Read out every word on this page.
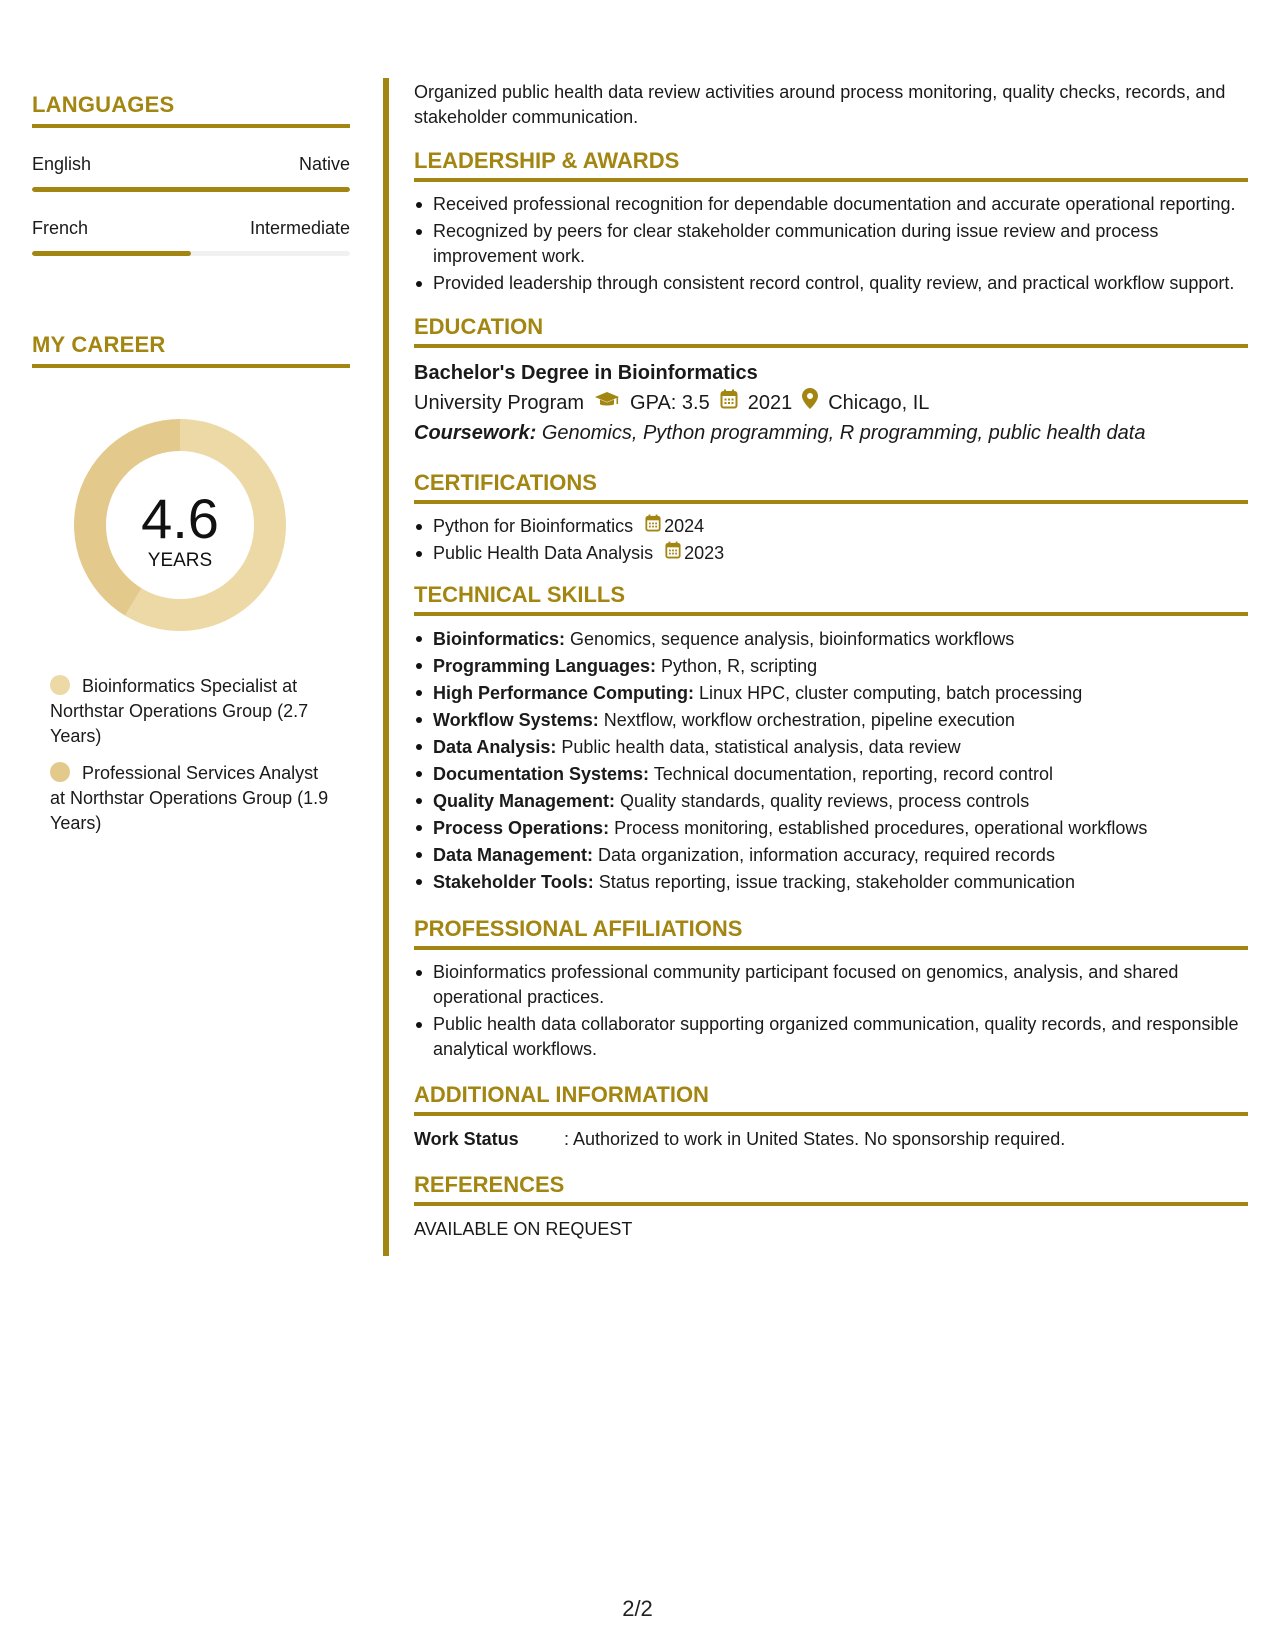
LANGUAGES
English	Native
French	Intermediate
MY CAREER
4.6
YEARS
Bioinformatics Specialist at Northstar Operations Group (2.7 Years)
Professional Services Analyst at Northstar Operations Group (1.9 Years)

Organized public health data review activities around process monitoring, quality checks, records, and stakeholder communication.

LEADERSHIP & AWARDS
Received professional recognition for dependable documentation and accurate operational reporting.
Recognized by peers for clear stakeholder communication during issue review and process improvement work.
Provided leadership through consistent record control, quality review, and practical workflow support.
EDUCATION
Bachelor's Degree in Bioinformatics
University Program GPA: 3.5 2021 Chicago, IL
Coursework: Genomics, Python programming, R programming, public health data
CERTIFICATIONS
Python for Bioinformatics 2024
Public Health Data Analysis 2023
TECHNICAL SKILLS
Bioinformatics: Genomics, sequence analysis, bioinformatics workflows
Programming Languages: Python, R, scripting
High Performance Computing: Linux HPC, cluster computing, batch processing
Workflow Systems: Nextflow, workflow orchestration, pipeline execution
Data Analysis: Public health data, statistical analysis, data review
Documentation Systems: Technical documentation, reporting, record control
Quality Management: Quality standards, quality reviews, process controls
Process Operations: Process monitoring, established procedures, operational workflows
Data Management: Data organization, information accuracy, required records
Stakeholder Tools: Status reporting, issue tracking, stakeholder communication
PROFESSIONAL AFFILIATIONS
Bioinformatics professional community participant focused on genomics, analysis, and shared operational practices.
Public health data collaborator supporting organized communication, quality records, and responsible analytical workflows.
ADDITIONAL INFORMATION
Work Status	: Authorized to work in United States. No sponsorship required.
REFERENCES
AVAILABLE ON REQUEST
2/2
